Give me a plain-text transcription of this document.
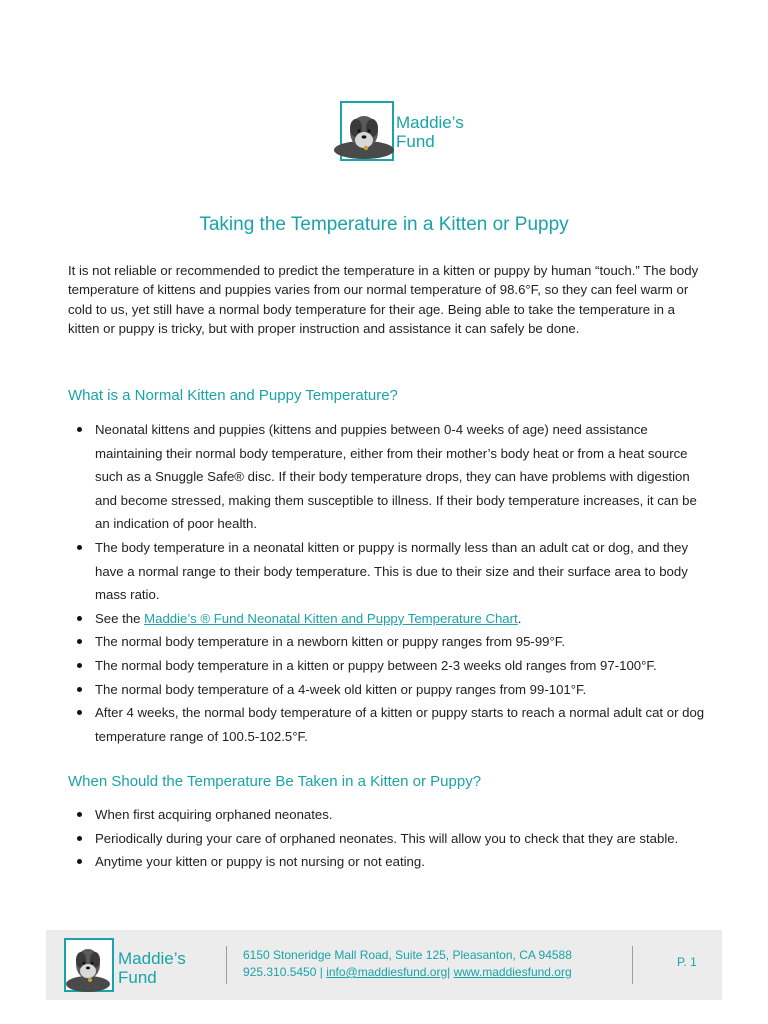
Maddie’s
Fund
Taking the Temperature in a Kitten or Puppy

It is not reliable or recommended to predict the temperature in a kitten or puppy by human “touch.” The body temperature of kittens and puppies varies from our normal temperature of 98.6°F, so they can feel warm or cold to us, yet still have a normal body temperature for their age. Being able to take the temperature in a kitten or puppy is tricky, but with proper instruction and assistance it can safely be done.

What is a Normal Kitten and Puppy Temperature?
Neonatal kittens and puppies (kittens and puppies between 0-4 weeks of age) need assistance maintaining their normal body temperature, either from their mother’s body heat or from a heat source such as a Snuggle Safe® disc. If their body temperature drops, they can have problems with digestion and become stressed, making them susceptible to illness. If their body temperature increases, it can be an indication of poor health.
The body temperature in a neonatal kitten or puppy is normally less than an adult cat or dog, and they have a normal range to their body temperature. This is due to their size and their surface area to body mass ratio.
See the Maddie’s ® Fund Neonatal Kitten and Puppy Temperature Chart.
The normal body temperature in a newborn kitten or puppy ranges from 95-99°F.
The normal body temperature in a kitten or puppy between 2-3 weeks old ranges from 97-100°F.
The normal body temperature of a 4-week old kitten or puppy ranges from 99-101°F.
After 4 weeks, the normal body temperature of a kitten or puppy starts to reach a normal adult cat or dog temperature range of 100.5-102.5°F.
When Should the Temperature Be Taken in a Kitten or Puppy?
When first acquiring orphaned neonates.
Periodically during your care of orphaned neonates. This will allow you to check that they are stable.
Anytime your kitten or puppy is not nursing or not eating.
Maddie’s
Fund
6150 Stoneridge Mall Road, Suite 125, Pleasanton, CA 94588
925.310.5450 | info@maddiesfund.org| www.maddiesfund.org
P. 1
